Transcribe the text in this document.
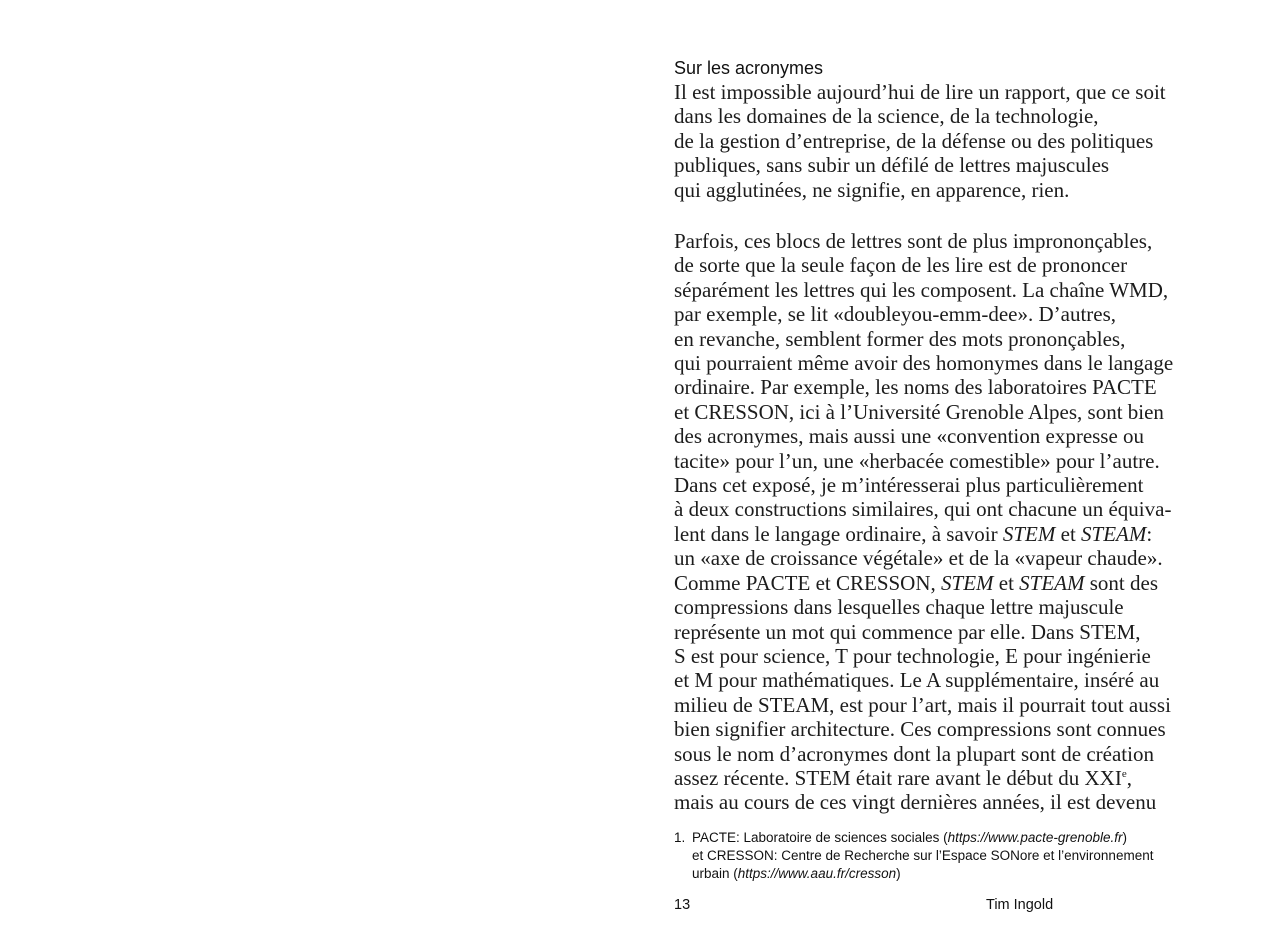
Sur les acronymes
Il est impossible aujourd’hui de lire un rapport, que ce soit
dans les domaines de la science, de la technologie,
de la gestion d’entreprise, de la défense ou des politiques
publiques, sans subir un défilé de lettres majuscules
qui agglutinées, ne signifie, en apparence, rien.
Parfois, ces blocs de lettres sont de plus imprononçables,
de sorte que la seule façon de les lire est de prononcer
séparément les lettres qui les composent. La chaîne WMD,
par exemple, se lit «doubleyou-emm-dee». D’autres,
en revanche, semblent former des mots prononçables,
qui pourraient même avoir des homonymes dans le langage
ordinaire. Par exemple, les noms des laboratoires PACTE
et CRESSON, ici à l’Université Grenoble Alpes, sont bien
des acronymes, mais aussi une «convention expresse ou
tacite» pour l’un, une «herbacée comestible» pour l’autre.
Dans cet exposé, je m’intéresserai plus particulièrement
à deux constructions similaires, qui ont chacune un équiva-
lent dans le langage ordinaire, à savoir STEM et STEAM:
un «axe de croissance végétale» et de la «vapeur chaude».
Comme PACTE et CRESSON, STEM et STEAM sont des
compressions dans lesquelles chaque lettre majuscule
représente un mot qui commence par elle. Dans STEM,
S est pour science, T pour technologie, E pour ingénierie
et M pour mathématiques. Le A supplémentaire, inséré au
milieu de STEAM, est pour l’art, mais il pourrait tout aussi
bien signifier architecture. Ces compressions sont connues
sous le nom d’acronymes dont la plupart sont de création
assez récente. STEM était rare avant le début du XXIe,
mais au cours de ces vingt dernières années, il est devenu
1. PACTE: Laboratoire de sciences sociales (https://www.pacte-grenoble.fr)
et CRESSON: Centre de Recherche sur l’Espace SONore et l’environnement
urbain (https://www.aau.fr/cresson)
13	Tim Ingold
